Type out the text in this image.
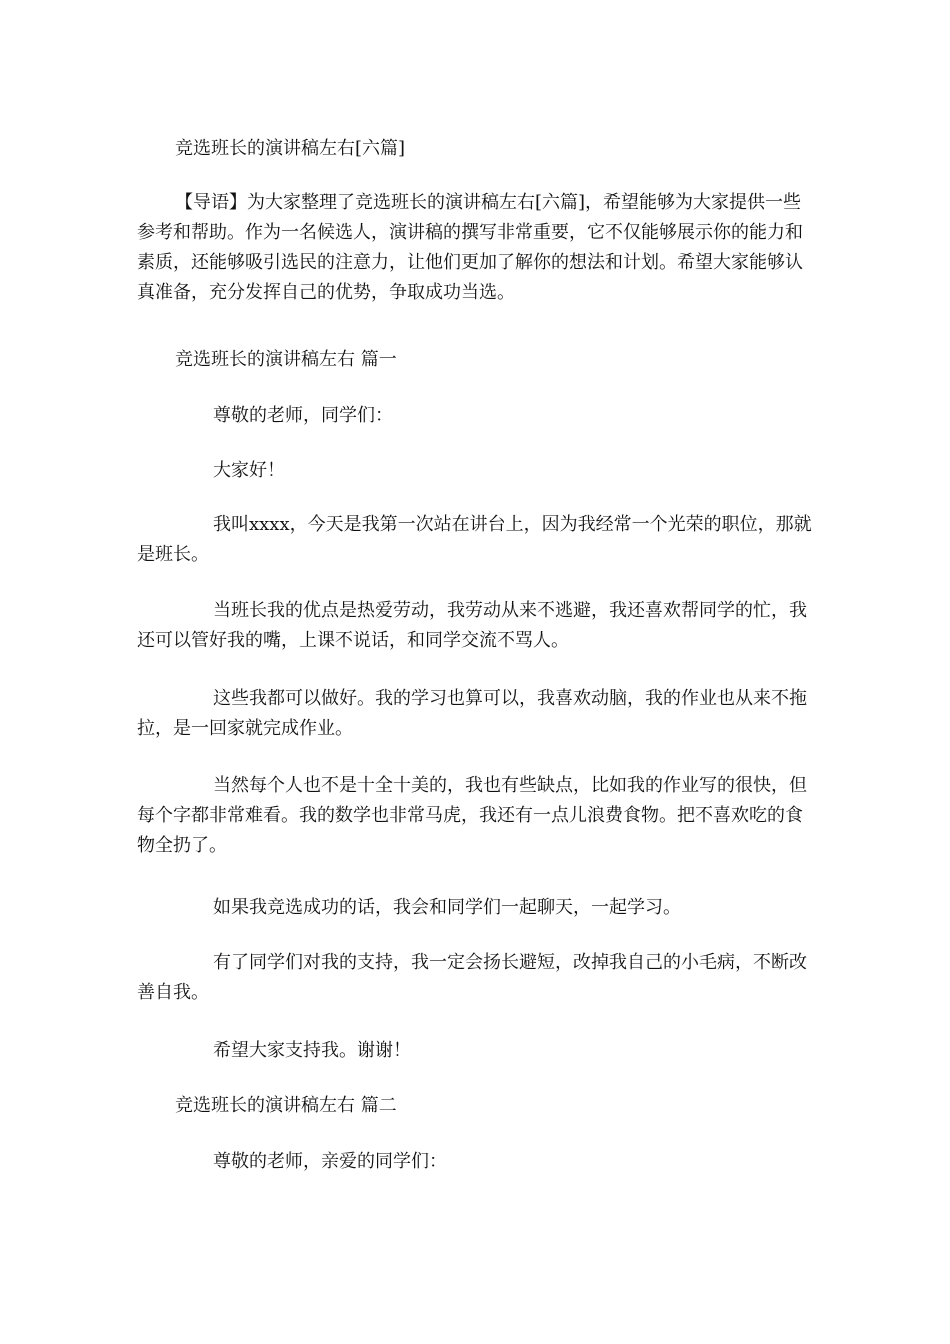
竞选班长的演讲稿左右[六篇]

【导语】为大家整理了竞选班长的演讲稿左右[六篇]，希望能够为大家提供一些参考和帮助。作为一名候选人，演讲稿的撰写非常重要，它不仅能够展示你的能力和素质，还能够吸引选民的注意力，让他们更加了解你的想法和计划。希望大家能够认真准备，充分发挥自己的优势，争取成功当选。

竞选班长的演讲稿左右 篇一

尊敬的老师，同学们：

大家好！

我叫xxxx，今天是我第一次站在讲台上，因为我经常一个光荣的职位，那就是班长。

当班长我的优点是热爱劳动，我劳动从来不逃避，我还喜欢帮同学的忙，我还可以管好我的嘴，上课不说话，和同学交流不骂人。

这些我都可以做好。我的学习也算可以，我喜欢动脑，我的作业也从来不拖拉，是一回家就完成作业。

当然每个人也不是十全十美的，我也有些缺点，比如我的作业写的很快，但每个字都非常难看。我的数学也非常马虎，我还有一点儿浪费食物。把不喜欢吃的食物全扔了。

如果我竞选成功的话，我会和同学们一起聊天，一起学习。

有了同学们对我的支持，我一定会扬长避短，改掉我自己的小毛病，不断改善自我。

希望大家支持我。谢谢！

竞选班长的演讲稿左右 篇二

尊敬的老师，亲爱的同学们：
